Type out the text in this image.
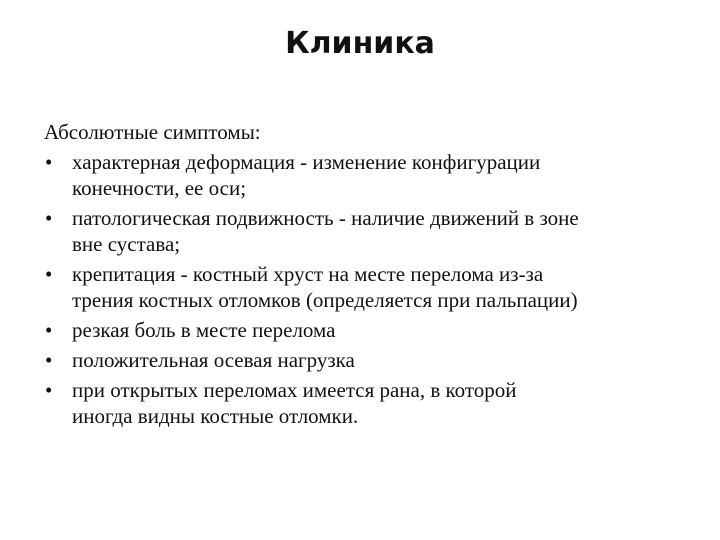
Клиника

Абсолютные симптомы:

• характерная деформация - изменение конфигурации
конечности, ее оси;
• патологическая подвижность - наличие движений в зоне
вне сустава;
• крепитация - костный хруст на месте перелома из-за
трения костных отломков (определяется при пальпации)
• резкая боль в месте перелома
• положительная осевая нагрузка
• при открытых переломах имеется рана, в которой
иногда видны костные отломки.
